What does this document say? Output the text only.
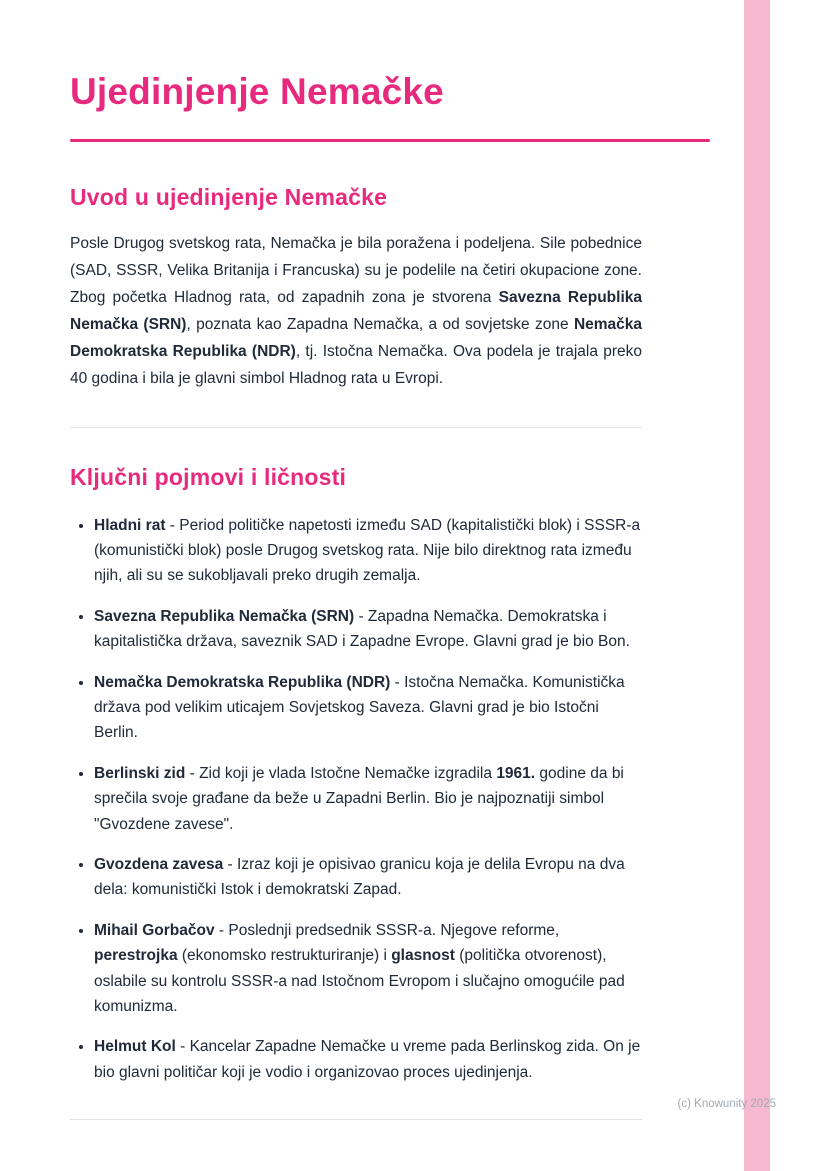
Ujedinjenje Nemačke
Uvod u ujedinjenje Nemačke

Posle Drugog svetskog rata, Nemačka je bila poražena i podeljena. Sile pobednice (SAD, SSSR, Velika Britanija i Francuska) su je podelile na četiri okupacione zone. Zbog početka Hladnog rata, od zapadnih zona je stvorena Savezna Republika Nemačka (SRN), poznata kao Zapadna Nemačka, a od sovjetske zone Nemačka Demokratska Republika (NDR), tj. Istočna Nemačka. Ova podela je trajala preko 40 godina i bila je glavni simbol Hladnog rata u Evropi.

Ključni pojmovi i ličnosti
• Hladni rat - Period političke napetosti između SAD (kapitalistički blok) i SSSR-a (komunistički blok) posle Drugog svetskog rata. Nije bilo direktnog rata između njih, ali su se sukobljavali preko drugih zemalja.
• Savezna Republika Nemačka (SRN) - Zapadna Nemačka. Demokratska i kapitalistička država, saveznik SAD i Zapadne Evrope. Glavni grad je bio Bon.
• Nemačka Demokratska Republika (NDR) - Istočna Nemačka. Komunistička država pod velikim uticajem Sovjetskog Saveza. Glavni grad je bio Istočni Berlin.
• Berlinski zid - Zid koji je vlada Istočne Nemačke izgradila 1961. godine da bi sprečila svoje građane da beže u Zapadni Berlin. Bio je najpoznatiji simbol "Gvozdene zavese".
• Gvozdena zavesa - Izraz koji je opisivao granicu koja je delila Evropu na dva dela: komunistički Istok i demokratski Zapad.
• Mihail Gorbačov - Poslednji predsednik SSSR-a. Njegove reforme, perestrojka (ekonomsko restrukturiranje) i glasnost (politička otvorenost), oslabile su kontrolu SSSR-a nad Istočnom Evropom i slučajno omogućile pad komunizma.
• Helmut Kol - Kancelar Zapadne Nemačke u vreme pada Berlinskog zida. On je bio glavni političar koji je vodio i organizovao proces ujedinjenja.
(c) Knowunity 2025
